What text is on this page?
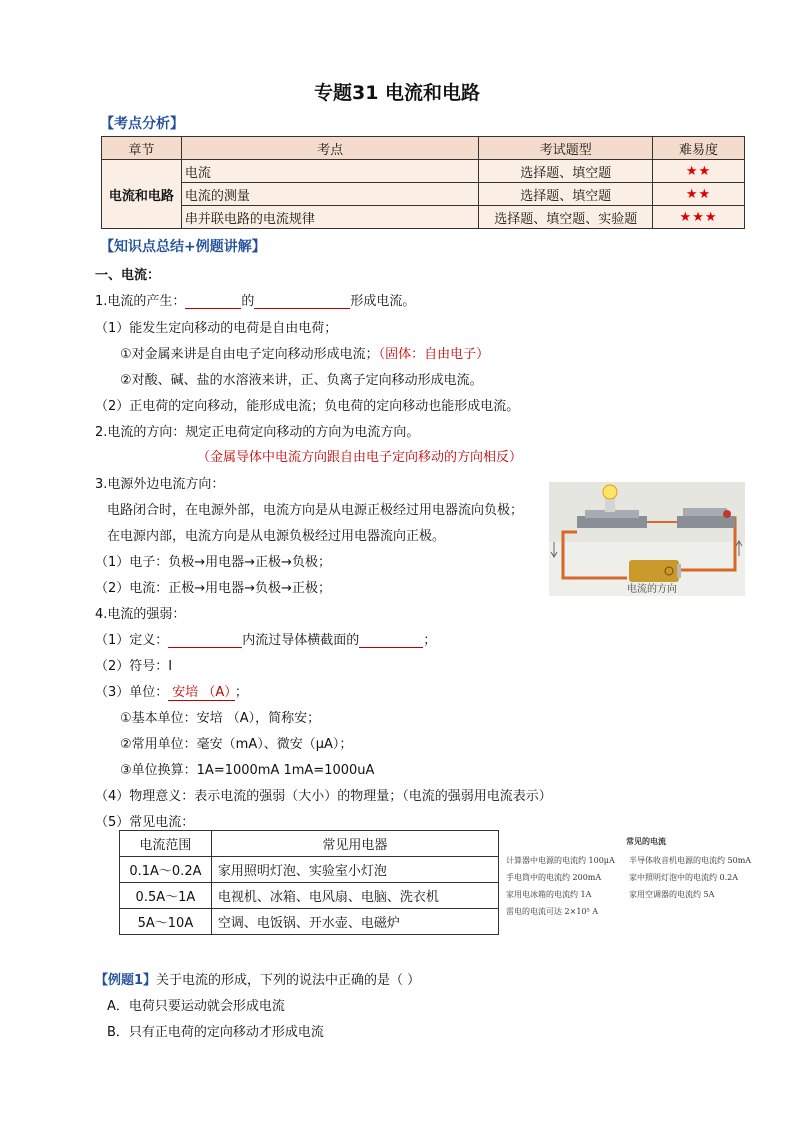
专题31 电流和电路
【考点分析】
章节	考点	考试题型	难易度
电流和电路	电流	选择题、填空题	★★
	电流的测量	选择题、填空题	★★
	串并联电路的电流规律	选择题、填空题、实验题	★★★
【知识点总结+例题讲解】
一、电流：
1.电流的产生：	的	形成电流。
（1）能发生定向移动的电荷是自由电荷；
①对金属来讲是自由电子定向移动形成电流；（固体：自由电子）
②对酸、碱、盐的水溶液来讲，正、负离子定向移动形成电流。
（2）正电荷的定向移动，能形成电流；负电荷的定向移动也能形成电流。
2.电流的方向：规定正电荷定向移动的方向为电流方向。
（金属导体中电流方向跟自由电子定向移动的方向相反）
3.电源外边电流方向：
电路闭合时，在电源外部，电流方向是从电源正极经过用电器流向负极；
在电源内部，电流方向是从电源负极经过用电器流向正极。
（1）电子：负极→用电器→正极→负极；
（2）电流：正极→用电器→负极→正极；	电流的方向
4.电流的强弱：
（1）定义：	内流过导体横截面的	；
（2）符号：I
（3）单位： 安培 （A） ；
①基本单位：安培 （A），简称安；
②常用单位：毫安（mA）、微安（μA）；
③单位换算：1A=1000mA 1mA=1000uA
（4）物理意义：表示电流的强弱（大小）的物理量；（电流的强弱用电流表示）
（5）常见电流：
电流范围	常见用电器
0.1A～0.2A	家用照明灯泡、实验室小灯泡
0.5A～1A	电视机、冰箱、电风扇、电脑、洗衣机
5A～10A	空调、电饭锅、开水壶、电磁炉
常见的电流
计算器中电源的电流约 100μA
手电筒中的电流约 200mA
家用电冰箱的电流约 1A
雷电的电流可达 2×10⁵ A
半导体收音机电源的电流约 50mA
家中照明灯泡中的电流约 0.2A
家用空调器的电流约 5A
【例题1】关于电流的形成，下列的说法中正确的是（ ）
A．电荷只要运动就会形成电流
B．只有正电荷的定向移动才形成电流
